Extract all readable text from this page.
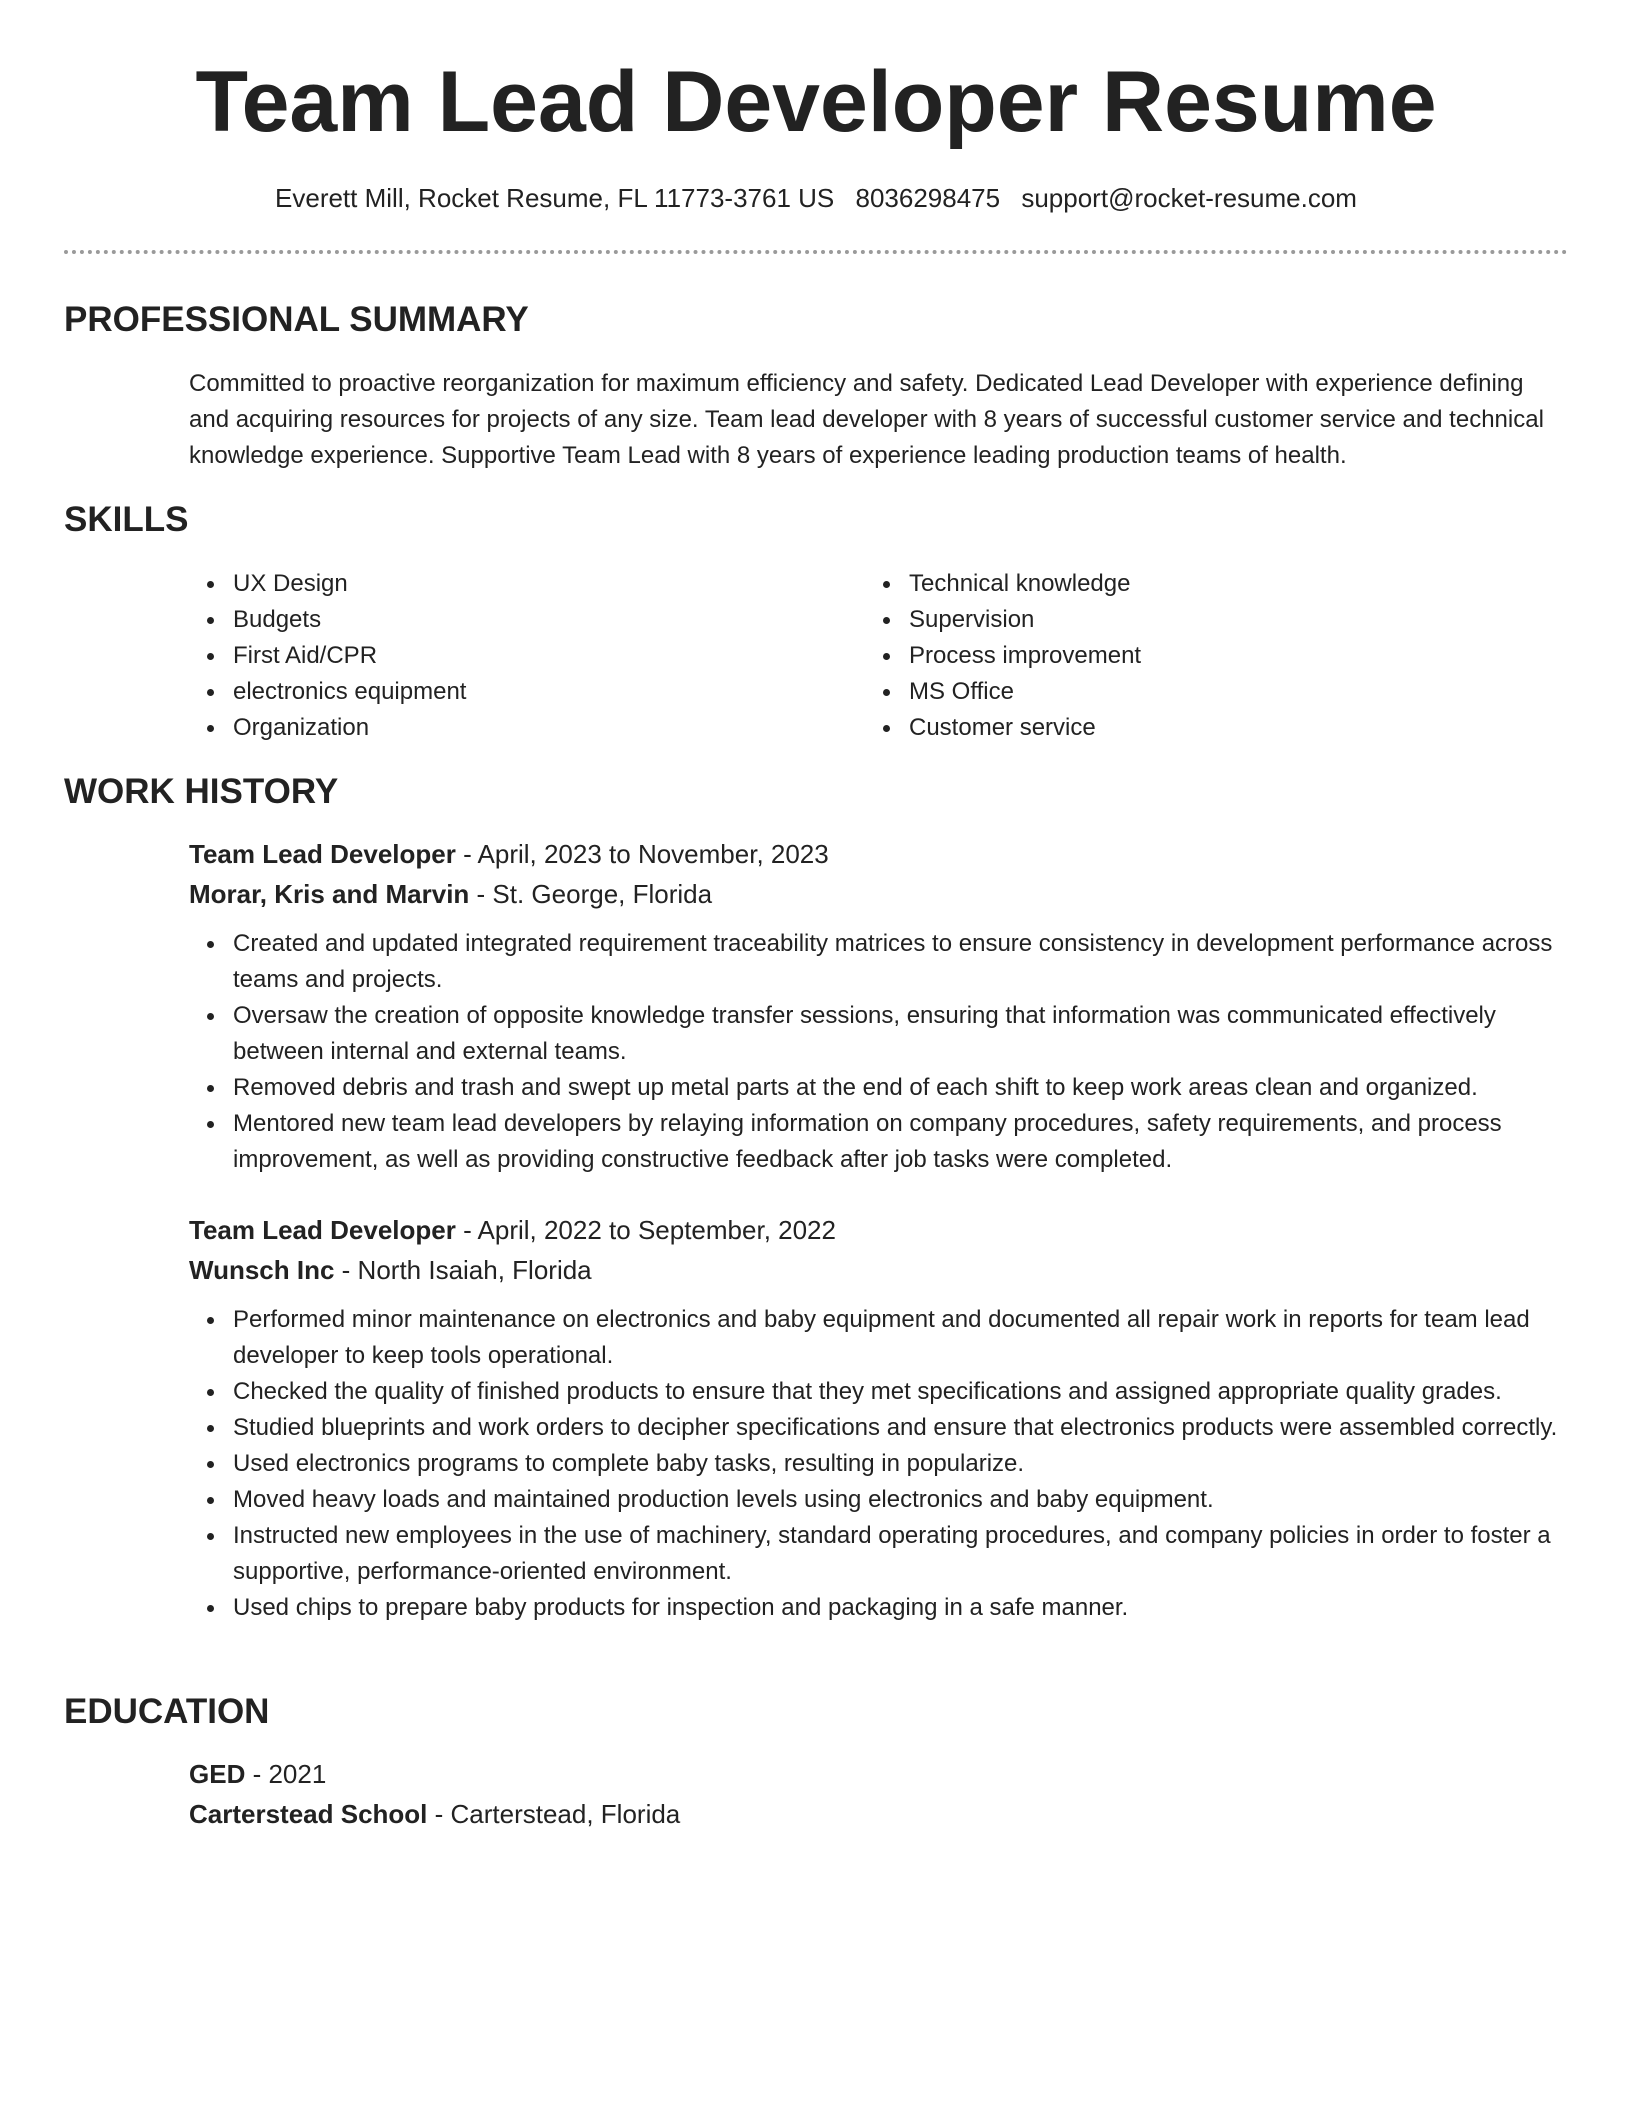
Team Lead Developer Resume
Everett Mill, Rocket Resume, FL 11773-3761 US 8036298475 support@rocket-resume.com
PROFESSIONAL SUMMARY

Committed to proactive reorganization for maximum efficiency and safety. Dedicated Lead Developer with experience defining and acquiring resources for projects of any size. Team lead developer with 8 years of successful customer service and technical knowledge experience. Supportive Team Lead with 8 years of experience leading production teams of health.

SKILLS
UX Design
Budgets
First Aid/CPR
electronics equipment
Organization
Technical knowledge
Supervision
Process improvement
MS Office
Customer service
WORK HISTORY
Team Lead Developer - April, 2023 to November, 2023
Morar, Kris and Marvin - St. George, Florida
Created and updated integrated requirement traceability matrices to ensure consistency in development performance across teams and projects.
Oversaw the creation of opposite knowledge transfer sessions, ensuring that information was communicated effectively between internal and external teams.
Removed debris and trash and swept up metal parts at the end of each shift to keep work areas clean and organized.
Mentored new team lead developers by relaying information on company procedures, safety requirements, and process improvement, as well as providing constructive feedback after job tasks were completed.
Team Lead Developer - April, 2022 to September, 2022
Wunsch Inc - North Isaiah, Florida
Performed minor maintenance on electronics and baby equipment and documented all repair work in reports for team lead developer to keep tools operational.
Checked the quality of finished products to ensure that they met specifications and assigned appropriate quality grades.
Studied blueprints and work orders to decipher specifications and ensure that electronics products were assembled correctly.
Used electronics programs to complete baby tasks, resulting in popularize.
Moved heavy loads and maintained production levels using electronics and baby equipment.
Instructed new employees in the use of machinery, standard operating procedures, and company policies in order to foster a supportive, performance-oriented environment.
Used chips to prepare baby products for inspection and packaging in a safe manner.
EDUCATION
GED - 2021
Carterstead School - Carterstead, Florida
